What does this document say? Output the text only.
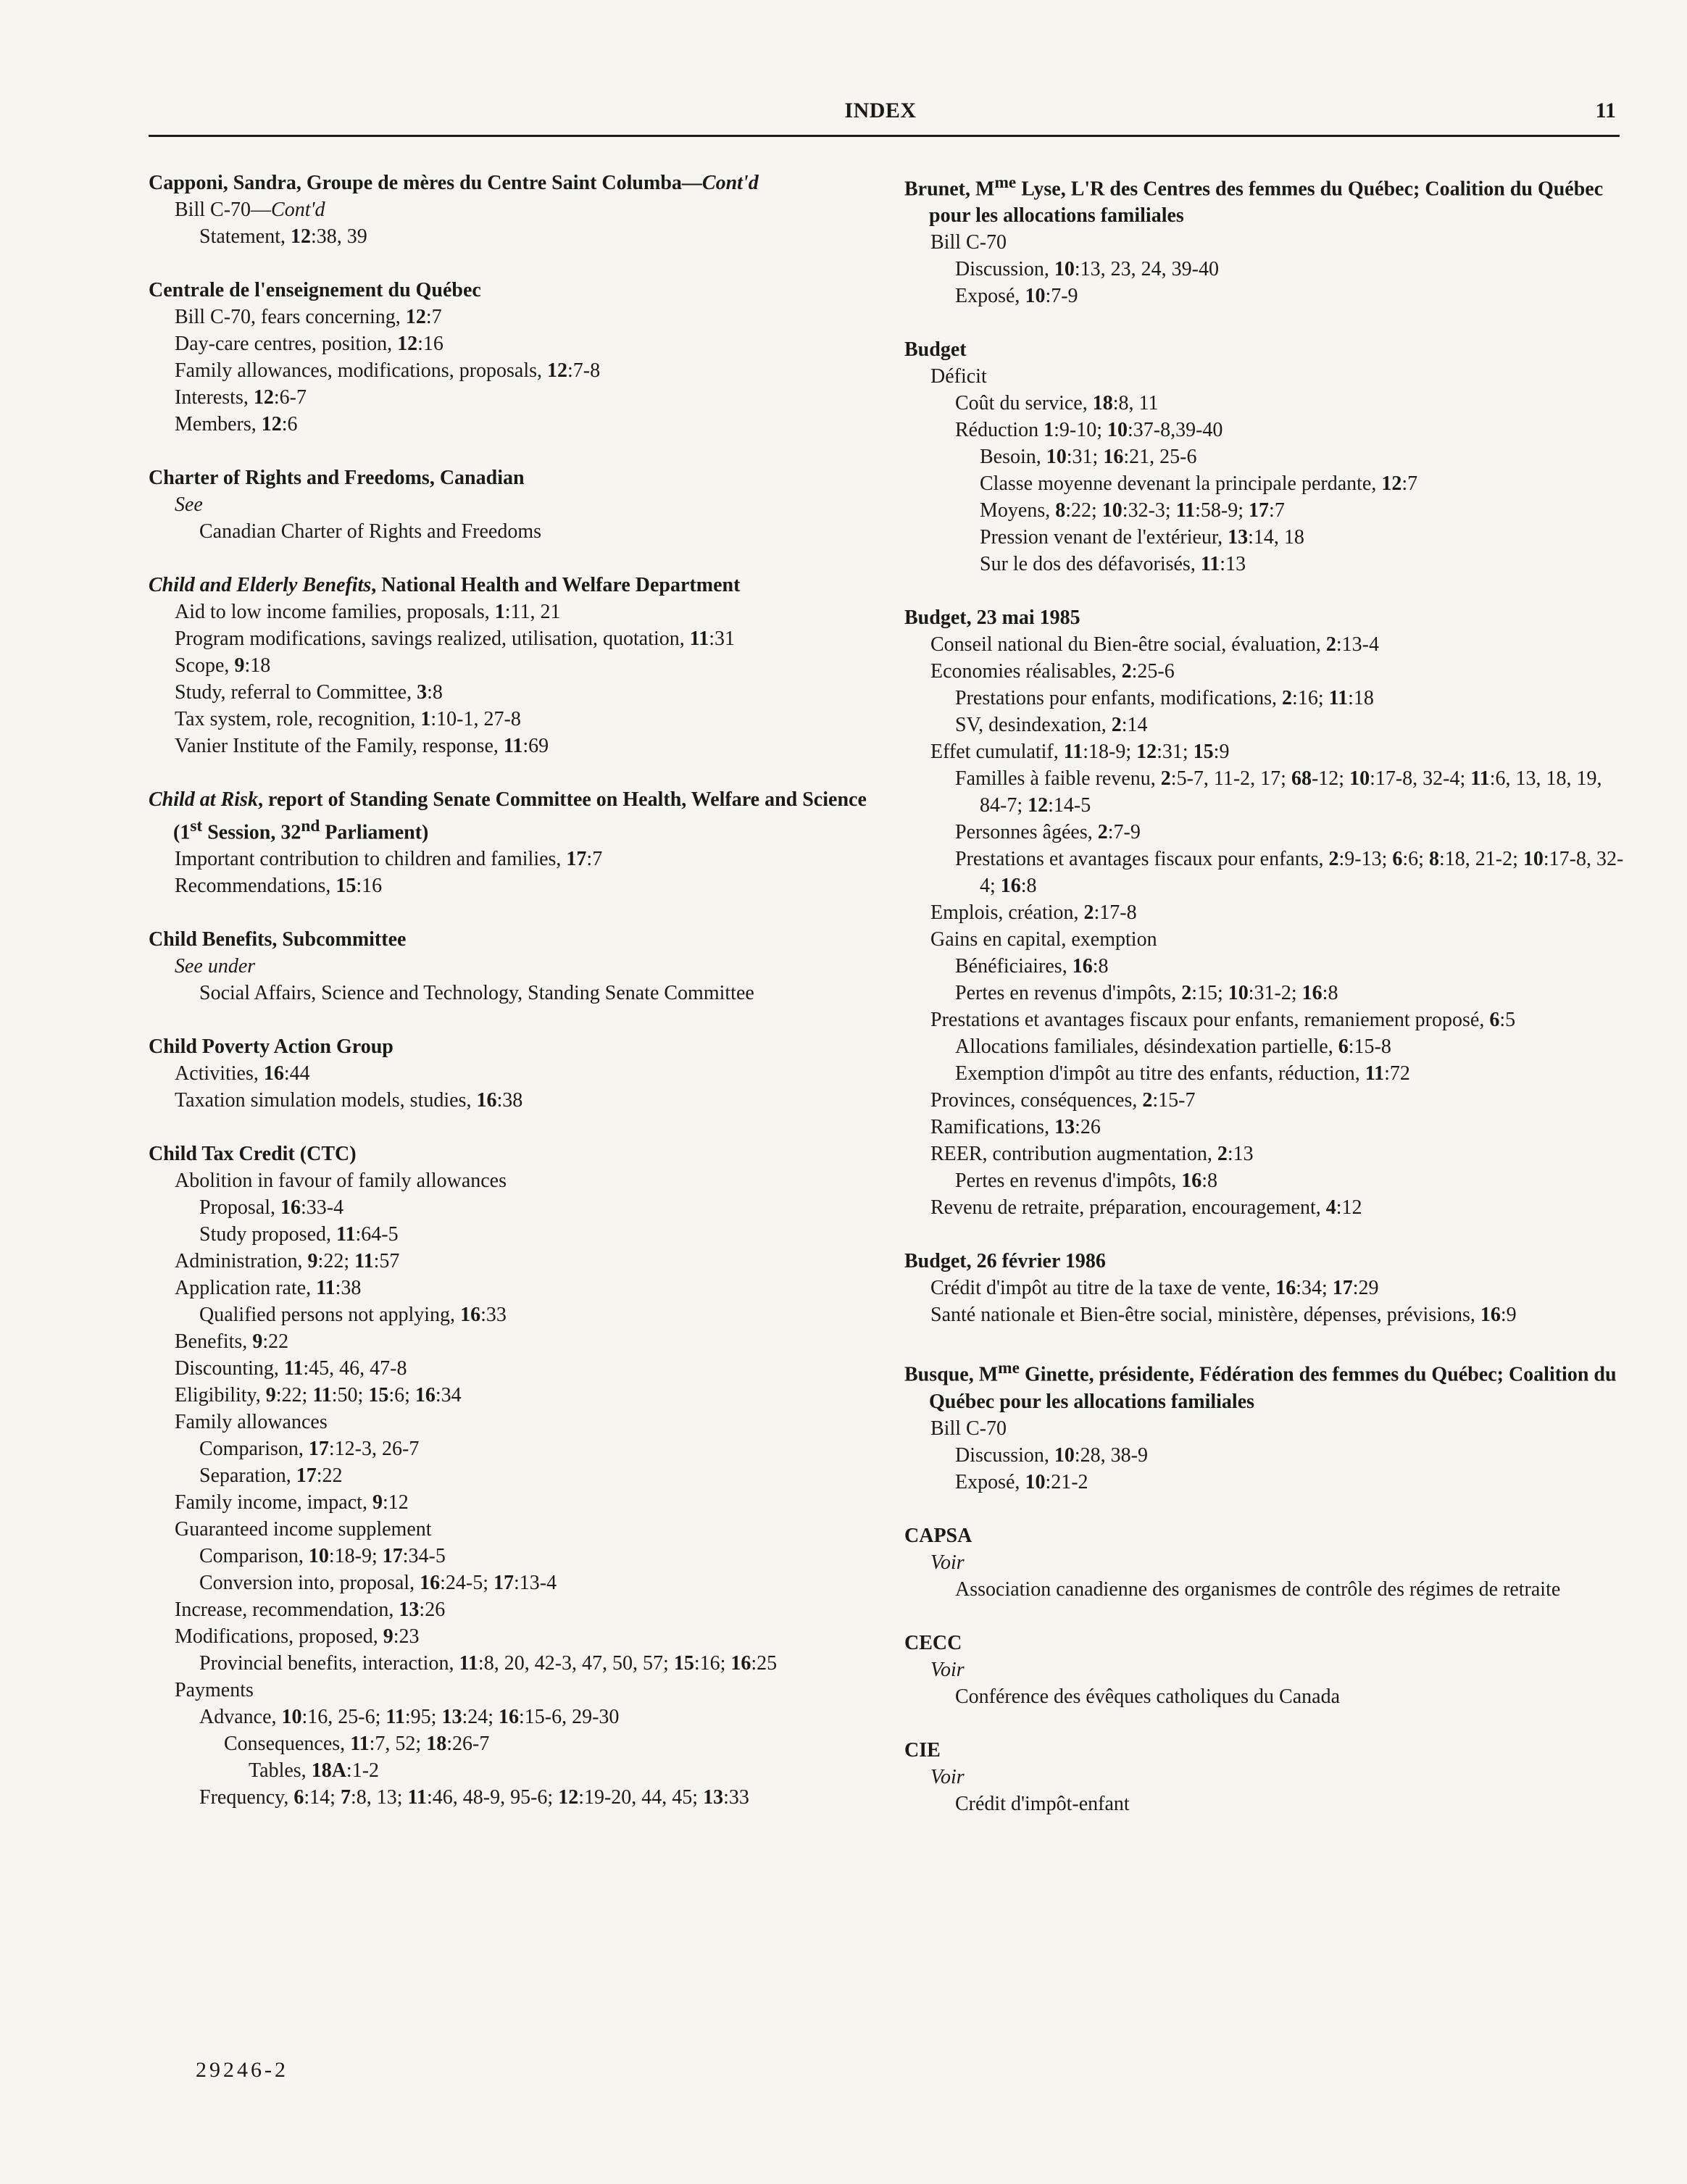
INDEX	11
Capponi, Sandra, Groupe de mères du Centre Saint Columba—Cont'd
Bill C-70—Cont'd
Statement, 12:38, 39
Centrale de l'enseignement du Québec
Bill C-70, fears concerning, 12:7
Day-care centres, position, 12:16
Family allowances, modifications, proposals, 12:7-8
Interests, 12:6-7
Members, 12:6
Charter of Rights and Freedoms, Canadian
See
Canadian Charter of Rights and Freedoms
Child and Elderly Benefits, National Health and Welfare Department
Aid to low income families, proposals, 1:11, 21
Program modifications, savings realized, utilisation, quotation, 11:31
Scope, 9:18
Study, referral to Committee, 3:8
Tax system, role, recognition, 1:10-1, 27-8
Vanier Institute of the Family, response, 11:69
Child at Risk, report of Standing Senate Committee on Health, Welfare and Science (1st Session, 32nd Parliament)
Important contribution to children and families, 17:7
Recommendations, 15:16
Child Benefits, Subcommittee
See under
Social Affairs, Science and Technology, Standing Senate Committee
Child Poverty Action Group
Activities, 16:44
Taxation simulation models, studies, 16:38
Child Tax Credit (CTC)
Abolition in favour of family allowances
Proposal, 16:33-4
Study proposed, 11:64-5
Administration, 9:22; 11:57
Application rate, 11:38
Qualified persons not applying, 16:33
Benefits, 9:22
Discounting, 11:45, 46, 47-8
Eligibility, 9:22; 11:50; 15:6; 16:34
Family allowances
Comparison, 17:12-3, 26-7
Separation, 17:22
Family income, impact, 9:12
Guaranteed income supplement
Comparison, 10:18-9; 17:34-5
Conversion into, proposal, 16:24-5; 17:13-4
Increase, recommendation, 13:26
Modifications, proposed, 9:23
Provincial benefits, interaction, 11:8, 20, 42-3, 47, 50, 57; 15:16; 16:25
Payments
Advance, 10:16, 25-6; 11:95; 13:24; 16:15-6, 29-30
Consequences, 11:7, 52; 18:26-7
Tables, 18A:1-2
Frequency, 6:14; 7:8, 13; 11:46, 48-9, 95-6; 12:19-20, 44, 45; 13:33
Brunet, $M^{me}$ Lyse, L'R des Centres des femmes du Québec; Coalition du Québec pour les allocations familiales
Bill C-70
Discussion, 10:13, 23, 24, 39-40
Exposé, 10:7-9
Budget
Déficit
Coût du service, 18:8, 11
Réduction 1:9-10; 10:37-8,39-40
Besoin, 10:31; 16:21, 25-6
Classe moyenne devenant la principale perdante, 12:7
Moyens, 8:22; 10:32-3; 11:58-9; 17:7
Pression venant de l'extérieur, 13:14, 18
Sur le dos des défavorisés, 11:13
Budget, 23 mai 1985
Conseil national du Bien-être social, évaluation, 2:13-4
Economies réalisables, 2:25-6
Prestations pour enfants, modifications, 2:16; 11:18
SV, desindexation, 2:14
Effet cumulatif, 11:18-9; 12:31; 15:9
Familles à faible revenu, 2:5-7, 11-2, 17; 68-12; 10:17-8, 32-4; 11:6, 13, 18, 19, 84-7; 12:14-5
Personnes âgées, 2:7-9
Prestations et avantages fiscaux pour enfants, 2:9-13; 6:6; 8:18, 21-2; 10:17-8, 32-4; 16:8
Emplois, création, 2:17-8
Gains en capital, exemption
Bénéficiaires, 16:8
Pertes en revenus d'impôts, 2:15; 10:31-2; 16:8
Prestations et avantages fiscaux pour enfants, remaniement proposé, 6:5
Allocations familiales, désindexation partielle, 6:15-8
Exemption d'impôt au titre des enfants, réduction, 11:72
Provinces, conséquences, 2:15-7
Ramifications, 13:26
REER, contribution augmentation, 2:13
Pertes en revenus d'impôts, 16:8
Revenu de retraite, préparation, encouragement, 4:12
Budget, 26 février 1986
Crédit d'impôt au titre de la taxe de vente, 16:34; 17:29
Santé nationale et Bien-être social, ministère, dépenses, prévisions, 16:9
Busque, $M^{me}$ Ginette, présidente, Fédération des femmes du Québec; Coalition du Québec pour les allocations familiales
Bill C-70
Discussion, 10:28, 38-9
Exposé, 10:21-2
CAPSA
Voir
Association canadienne des organismes de contrôle des régimes de retraite
CECC
Voir
Conférence des évêques catholiques du Canada
CIE
Voir
Crédit d'impôt-enfant
29246-2
